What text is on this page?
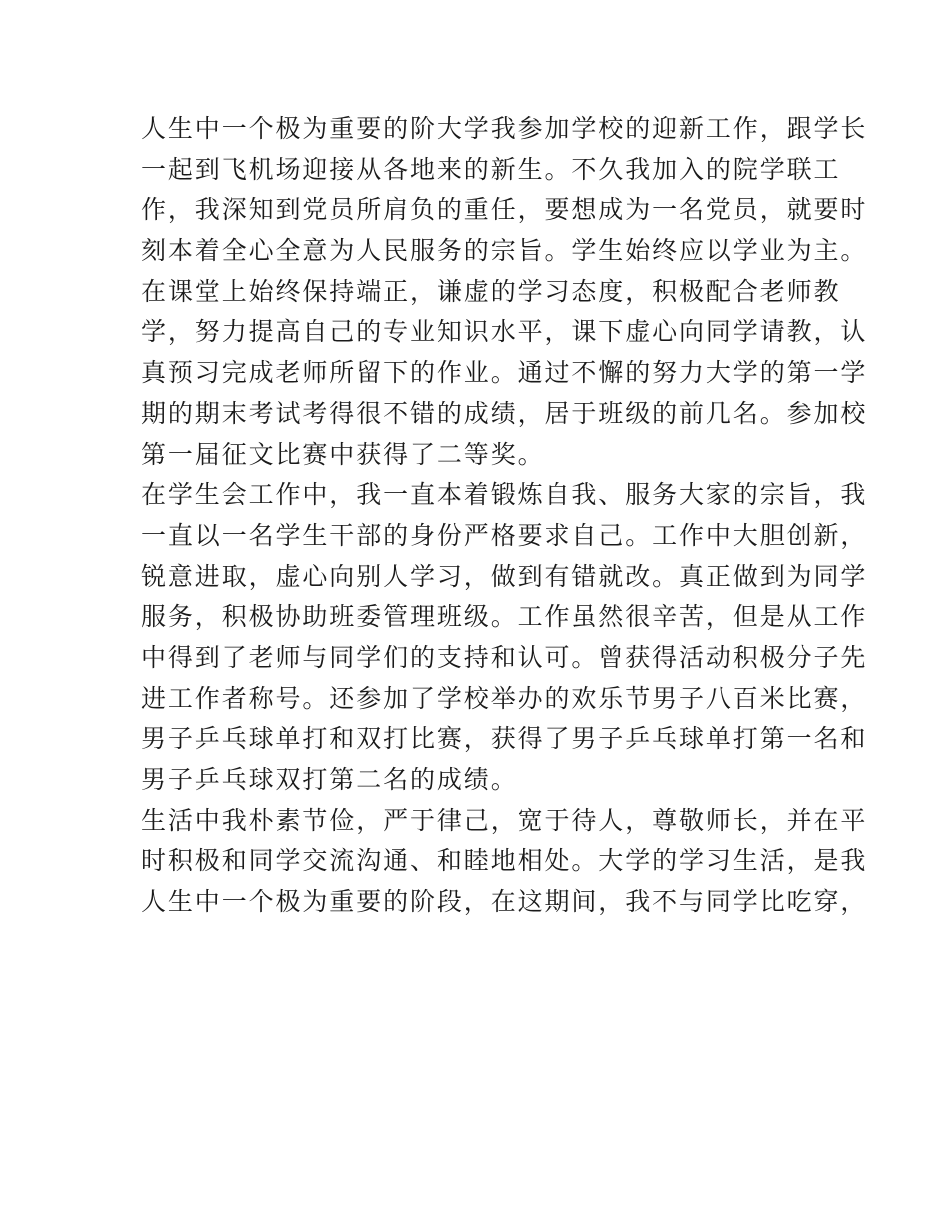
人生中一个极为重要的阶大学我参加学校的迎新工作，跟学长
一起到飞机场迎接从各地来的新生。不久我加入的院学联工
作，我深知到党员所肩负的重任，要想成为一名党员，就要时
刻本着全心全意为人民服务的宗旨。学生始终应以学业为主。
在课堂上始终保持端正，谦虚的学习态度，积极配合老师教
学，努力提高自己的专业知识水平，课下虚心向同学请教，认
真预习完成老师所留下的作业。通过不懈的努力大学的第一学
期的期末考试考得很不错的成绩，居于班级的前几名。参加校
第一届征文比赛中获得了二等奖。
在学生会工作中，我一直本着锻炼自我、服务大家的宗旨，我
一直以一名学生干部的身份严格要求自己。工作中大胆创新，
锐意进取，虚心向别人学习，做到有错就改。真正做到为同学
服务，积极协助班委管理班级。工作虽然很辛苦，但是从工作
中得到了老师与同学们的支持和认可。曾获得活动积极分子先
进工作者称号。还参加了学校举办的欢乐节男子八百米比赛，
男子乒乓球单打和双打比赛，获得了男子乒乓球单打第一名和
男子乒乓球双打第二名的成绩。
生活中我朴素节俭，严于律己，宽于待人，尊敬师长，并在平
时积极和同学交流沟通、和睦地相处。大学的学习生活，是我
人生中一个极为重要的阶段，在这期间，我不与同学比吃穿，
